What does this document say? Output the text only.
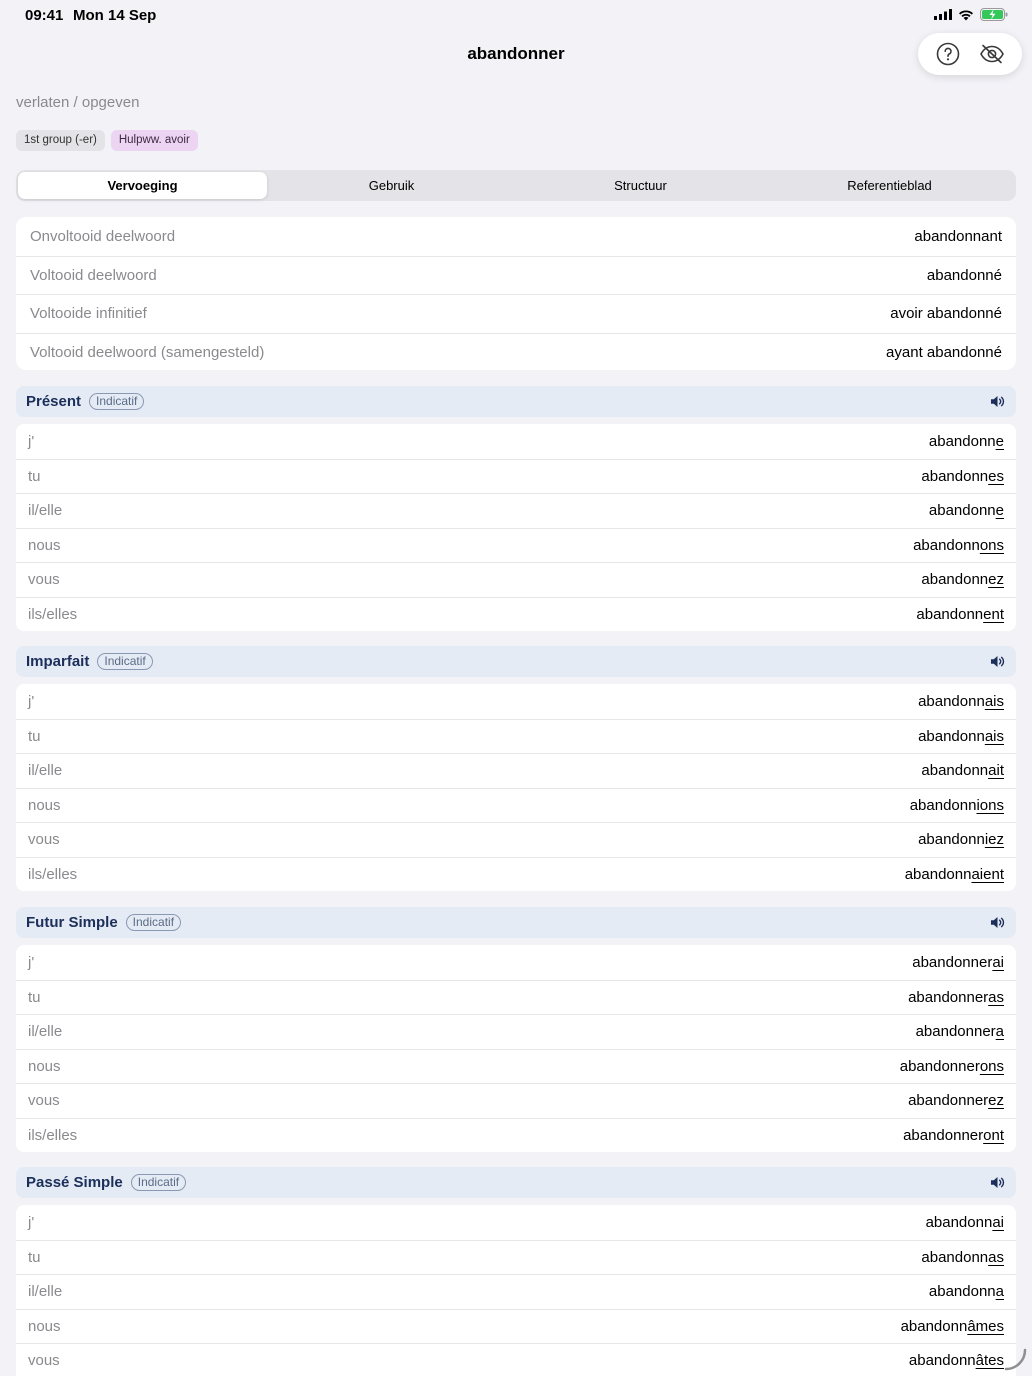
09:41 Mon 14 Sep
abandonner
verlaten / opgeven
1st group (-er)	Hulpww. avoir
Vervoeging	Gebruik	Structuur	Referentieblad
Onvoltooid deelwoord	abandonnant
Voltooid deelwoord	abandonné
Voltooide infinitief	avoir abandonné
Voltooid deelwoord (samengesteld)	ayant abandonné
Présent	Indicatif
j'	abandonne
tu	abandonnes
il/elle	abandonne
nous	abandonnons
vous	abandonnez
ils/elles	abandonnent
Imparfait	Indicatif
j'	abandonnais
tu	abandonnais
il/elle	abandonnait
nous	abandonnions
vous	abandonniez
ils/elles	abandonnaient
Futur Simple	Indicatif
j'	abandonnerai
tu	abandonneras
il/elle	abandonnera
nous	abandonnerons
vous	abandonnerez
ils/elles	abandonneront
Passé Simple	Indicatif
j'	abandonnai
tu	abandonnas
il/elle	abandonna
nous	abandonnâmes
vous	abandonnâtes
